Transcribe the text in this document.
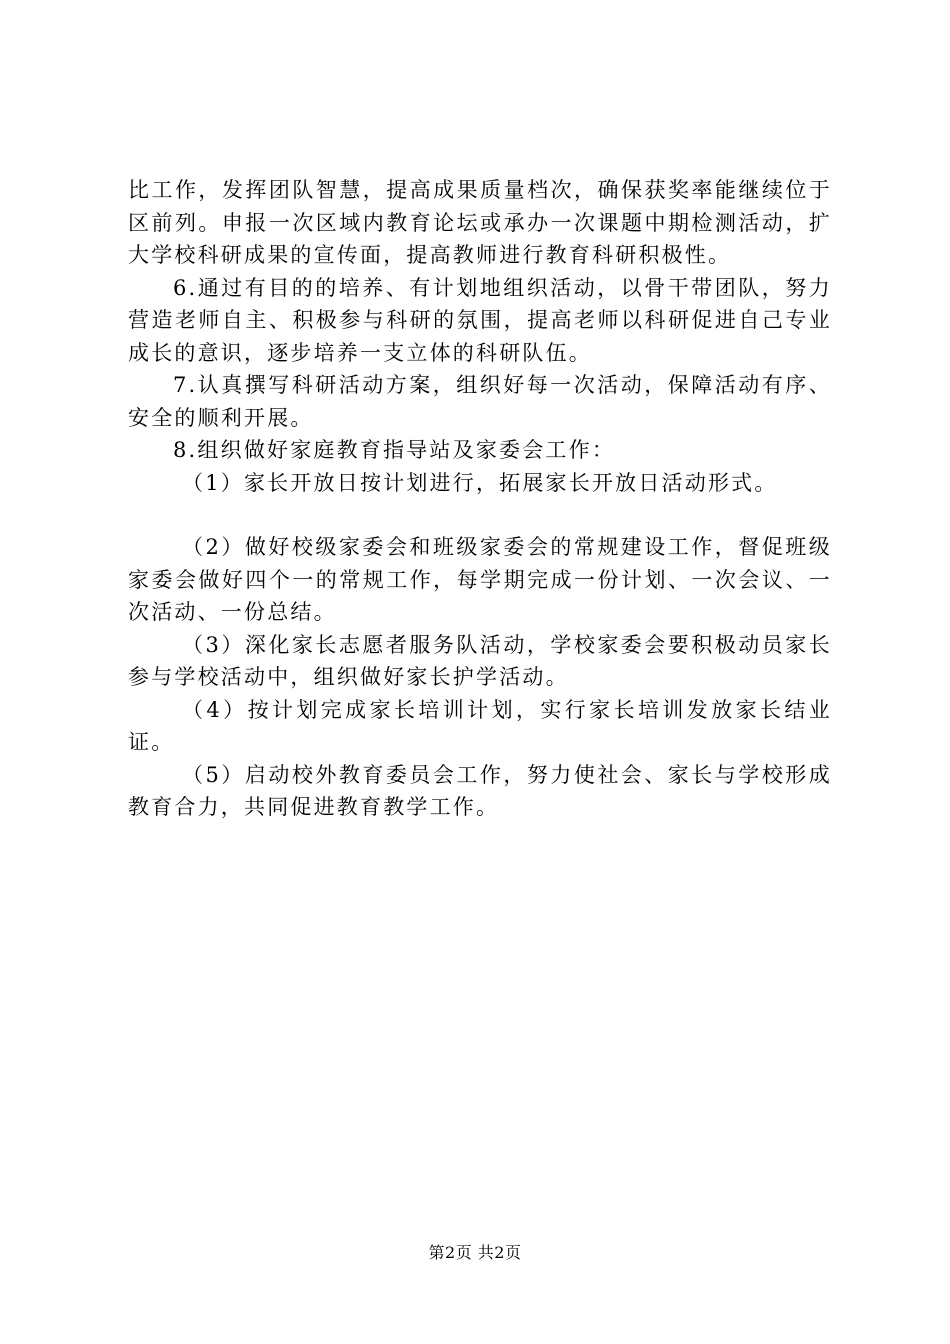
比工作，发挥团队智慧，提高成果质量档次，确保获奖率能继续位于区前列。申报一次区域内教育论坛或承办一次课题中期检测活动，扩大学校科研成果的宣传面，提高教师进行教育科研积极性。

6.通过有目的的培养、有计划地组织活动，以骨干带团队，努力营造老师自主、积极参与科研的氛围，提高老师以科研促进自己专业成长的意识，逐步培养一支立体的科研队伍。

7.认真撰写科研活动方案，组织好每一次活动，保障活动有序、安全的顺利开展。

8.组织做好家庭教育指导站及家委会工作：

（1）家长开放日按计划进行，拓展家长开放日活动形式。

（2）做好校级家委会和班级家委会的常规建设工作，督促班级家委会做好四个一的常规工作，每学期完成一份计划、一次会议、一次活动、一份总结。

（3）深化家长志愿者服务队活动，学校家委会要积极动员家长参与学校活动中，组织做好家长护学活动。

（4）按计划完成家长培训计划，实行家长培训发放家长结业证。

（5）启动校外教育委员会工作，努力使社会、家长与学校形成教育合力，共同促进教育教学工作。

第2页 共2页
